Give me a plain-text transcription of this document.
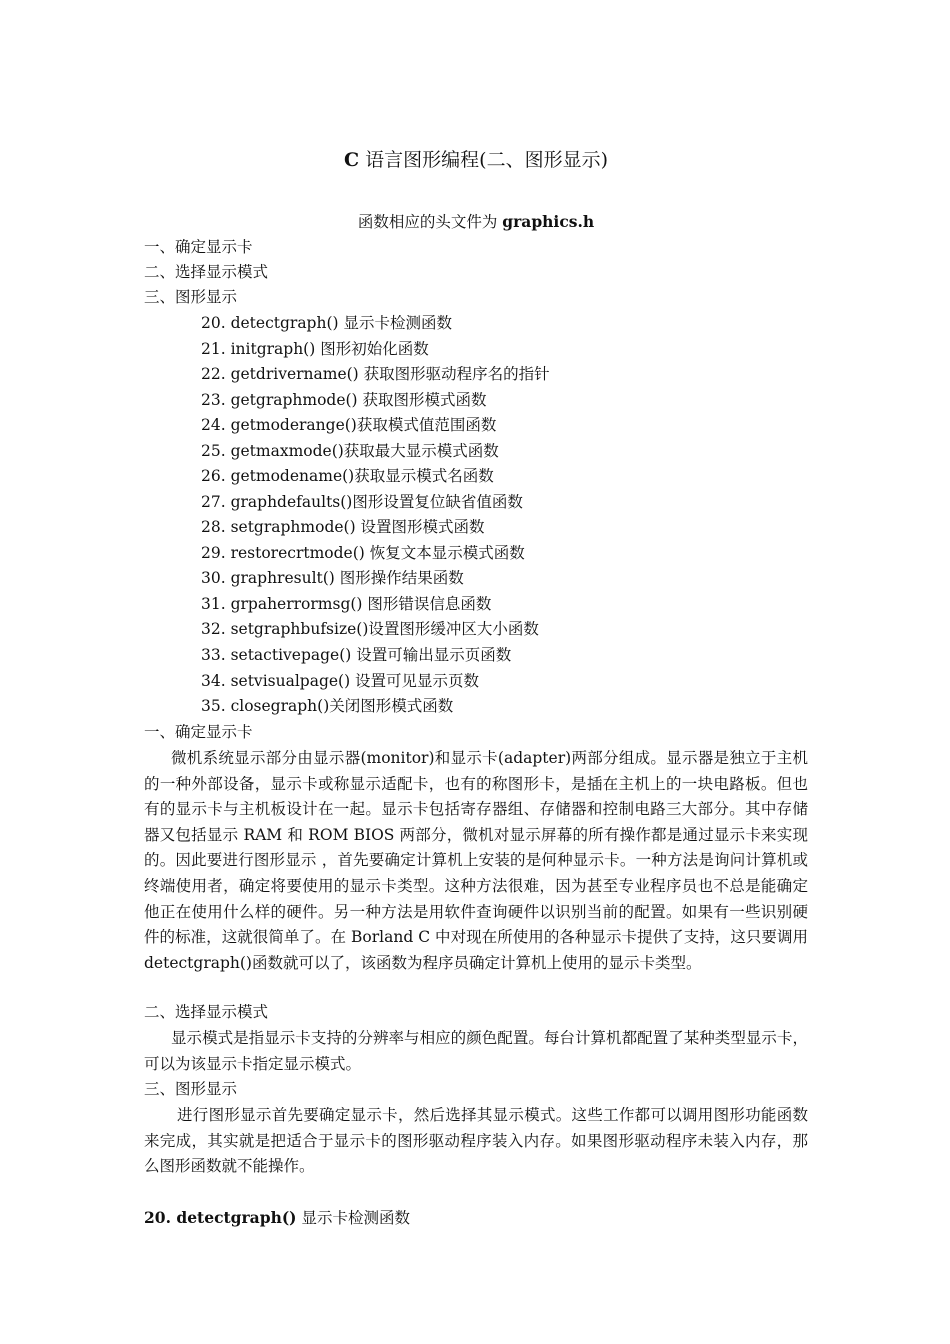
C 语言图形编程(二、图形显示)
函数相应的头文件为 graphics.h
一、确定显示卡
二、选择显示模式
三、图形显示
20. detectgraph() 显示卡检测函数
21. initgraph() 图形初始化函数
22. getdrivername() 获取图形驱动程序名的指针
23. getgraphmode() 获取图形模式函数
24. getmoderange()获取模式值范围函数
25. getmaxmode()获取最大显示模式函数
26. getmodename()获取显示模式名函数
27. graphdefaults()图形设置复位缺省值函数
28. setgraphmode() 设置图形模式函数
29. restorecrtmode() 恢复文本显示模式函数
30. graphresult() 图形操作结果函数
31. grpaherrormsg() 图形错误信息函数
32. setgraphbufsize()设置图形缓冲区大小函数
33. setactivepage() 设置可输出显示页函数
34. setvisualpage() 设置可见显示页数
35. closegraph()关闭图形模式函数
一、确定显示卡
微机系统显示部分由显示器(monitor)和显示卡(adapter)两部分组成。显示器是独立于主机的一种外部设备，显示卡或称显示适配卡，也有的称图形卡，是插在主机上的一块电路板。但也有的显示卡与主机板设计在一起。显示卡包括寄存器组、存储器和控制电路三大部分。其中存储器又包括显示 RAM 和 ROM BIOS 两部分，微机对显示屏幕的所有操作都是通过显示卡来实现的。因此要进行图形显示 ，首先要确定计算机上安装的是何种显示卡。一种方法是询问计算机或终端使用者，确定将要使用的显示卡类型。这种方法很难，因为甚至专业程序员也不总是能确定他正在使用什么样的硬件。另一种方法是用软件查询硬件以识别当前的配置。如果有一些识别硬件的标准，这就很简单了。在 Borland C 中对现在所使用的各种显示卡提供了支持，这只要调用 detectgraph()函数就可以了，该函数为程序员确定计算机上使用的显示卡类型。
二、选择显示模式
显示模式是指显示卡支持的分辨率与相应的颜色配置。每台计算机都配置了某种类型显示卡，可以为该显示卡指定显示模式。
三、图形显示
进行图形显示首先要确定显示卡，然后选择其显示模式。这些工作都可以调用图形功能函数来完成，其实就是把适合于显示卡的图形驱动程序装入内存。如果图形驱动程序未装入内存，那么图形函数就不能操作。
20. detectgraph() 显示卡检测函数
